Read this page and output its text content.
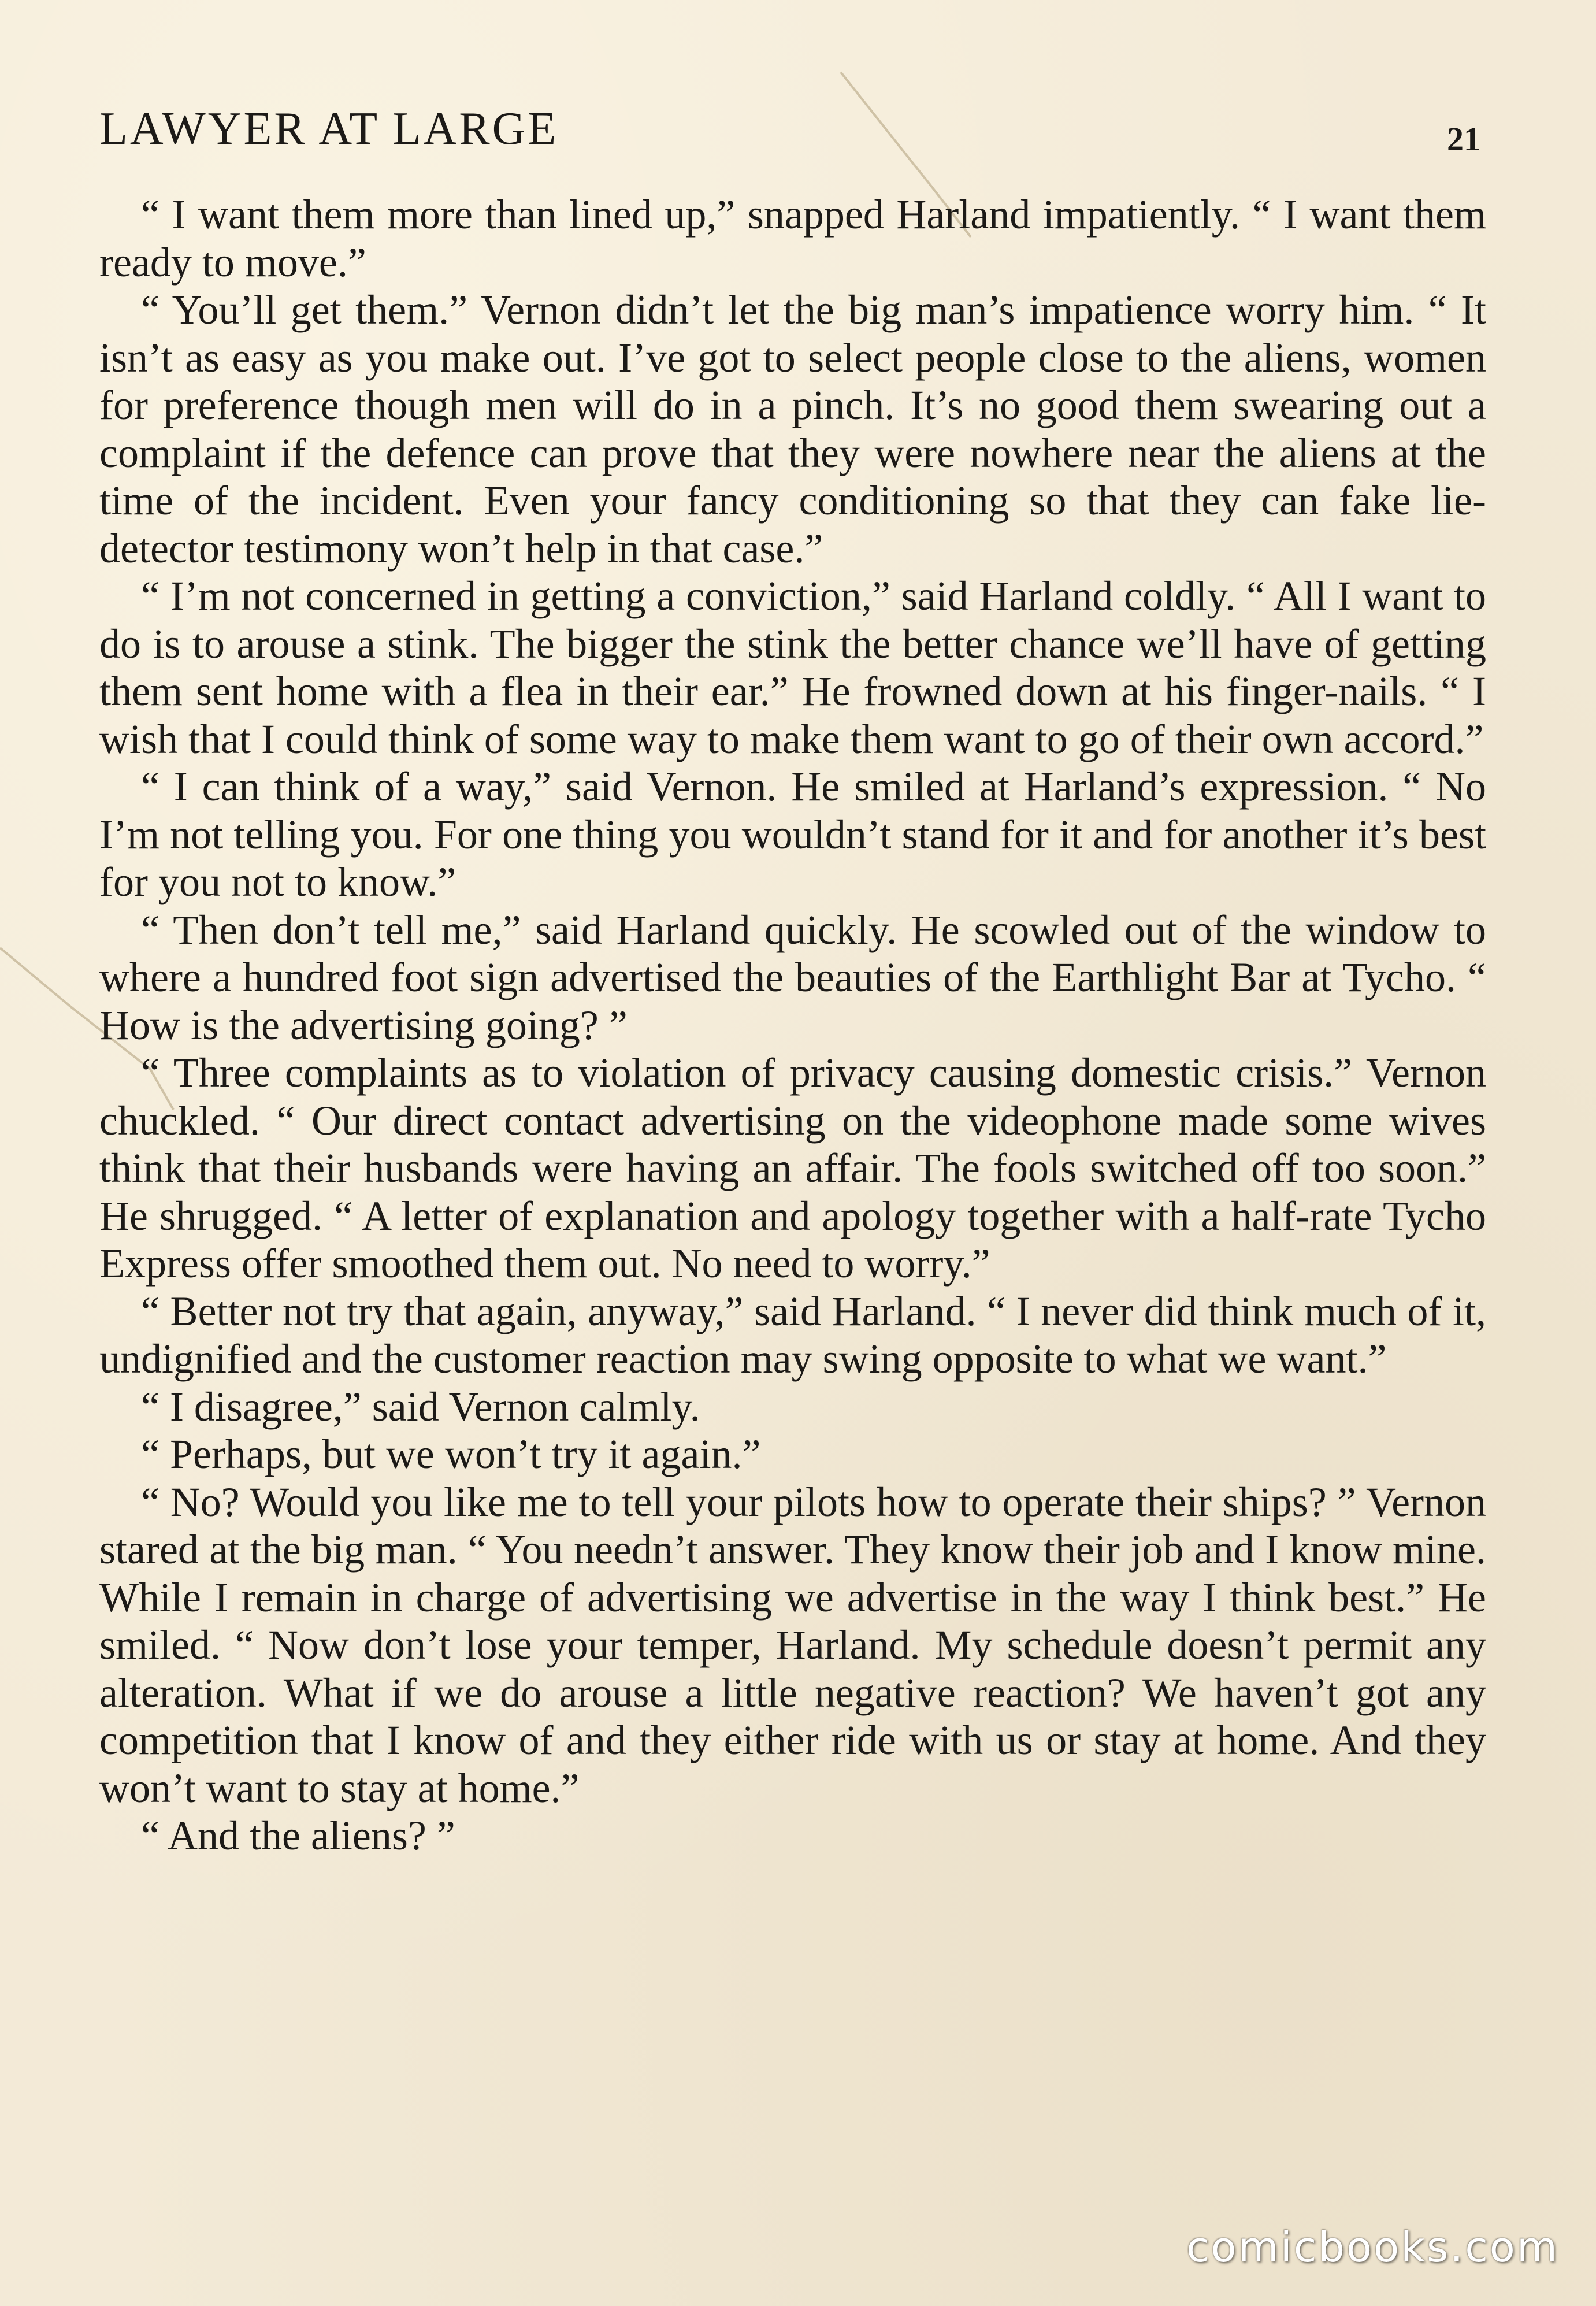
LAWYER AT LARGE	21

“ I want them more than lined up,” snapped Harland impatiently. “ I want them ready to move.”

“ You’ll get them.” Vernon didn’t let the big man’s impatience worry him. “ It isn’t as easy as you make out. I’ve got to select people close to the aliens, women for preference though men will do in a pinch. It’s no good them swearing out a complaint if the defence can prove that they were nowhere near the aliens at the time of the incident. Even your fancy conditioning so that they can fake lie-detector testimony won’t help in that case.”

“ I’m not concerned in getting a conviction,” said Harland coldly. “ All I want to do is to arouse a stink. The bigger the stink the better chance we’ll have of getting them sent home with a flea in their ear.” He frowned down at his finger-nails. “ I wish that I could think of some way to make them want to go of their own accord.”

“ I can think of a way,” said Vernon. He smiled at Harland’s expression. “ No I’m not telling you. For one thing you wouldn’t stand for it and for another it’s best for you not to know.”

“ Then don’t tell me,” said Harland quickly. He scowled out of the window to where a hundred foot sign advertised the beauties of the Earthlight Bar at Tycho. “ How is the advertising going? ”

“ Three complaints as to violation of privacy causing domestic crisis.” Vernon chuckled. “ Our direct contact advertising on the videophone made some wives think that their husbands were having an affair. The fools switched off too soon.” He shrugged. “ A letter of explanation and apology together with a half-rate Tycho Express offer smoothed them out. No need to worry.”

“ Better not try that again, anyway,” said Harland. “ I never did think much of it, undignified and the customer reaction may swing opposite to what we want.”

“ I disagree,” said Vernon calmly.

“ Perhaps, but we won’t try it again.”

“ No? Would you like me to tell your pilots how to operate their ships? ” Vernon stared at the big man. “ You needn’t answer. They know their job and I know mine. While I remain in charge of advertising we advertise in the way I think best.” He smiled. “ Now don’t lose your temper, Harland. My schedule doesn’t permit any alteration. What if we do arouse a little negative reaction? We haven’t got any competition that I know of and they either ride with us or stay at home. And they won’t want to stay at home.”

“ And the aliens? ”

comicbooks.com
